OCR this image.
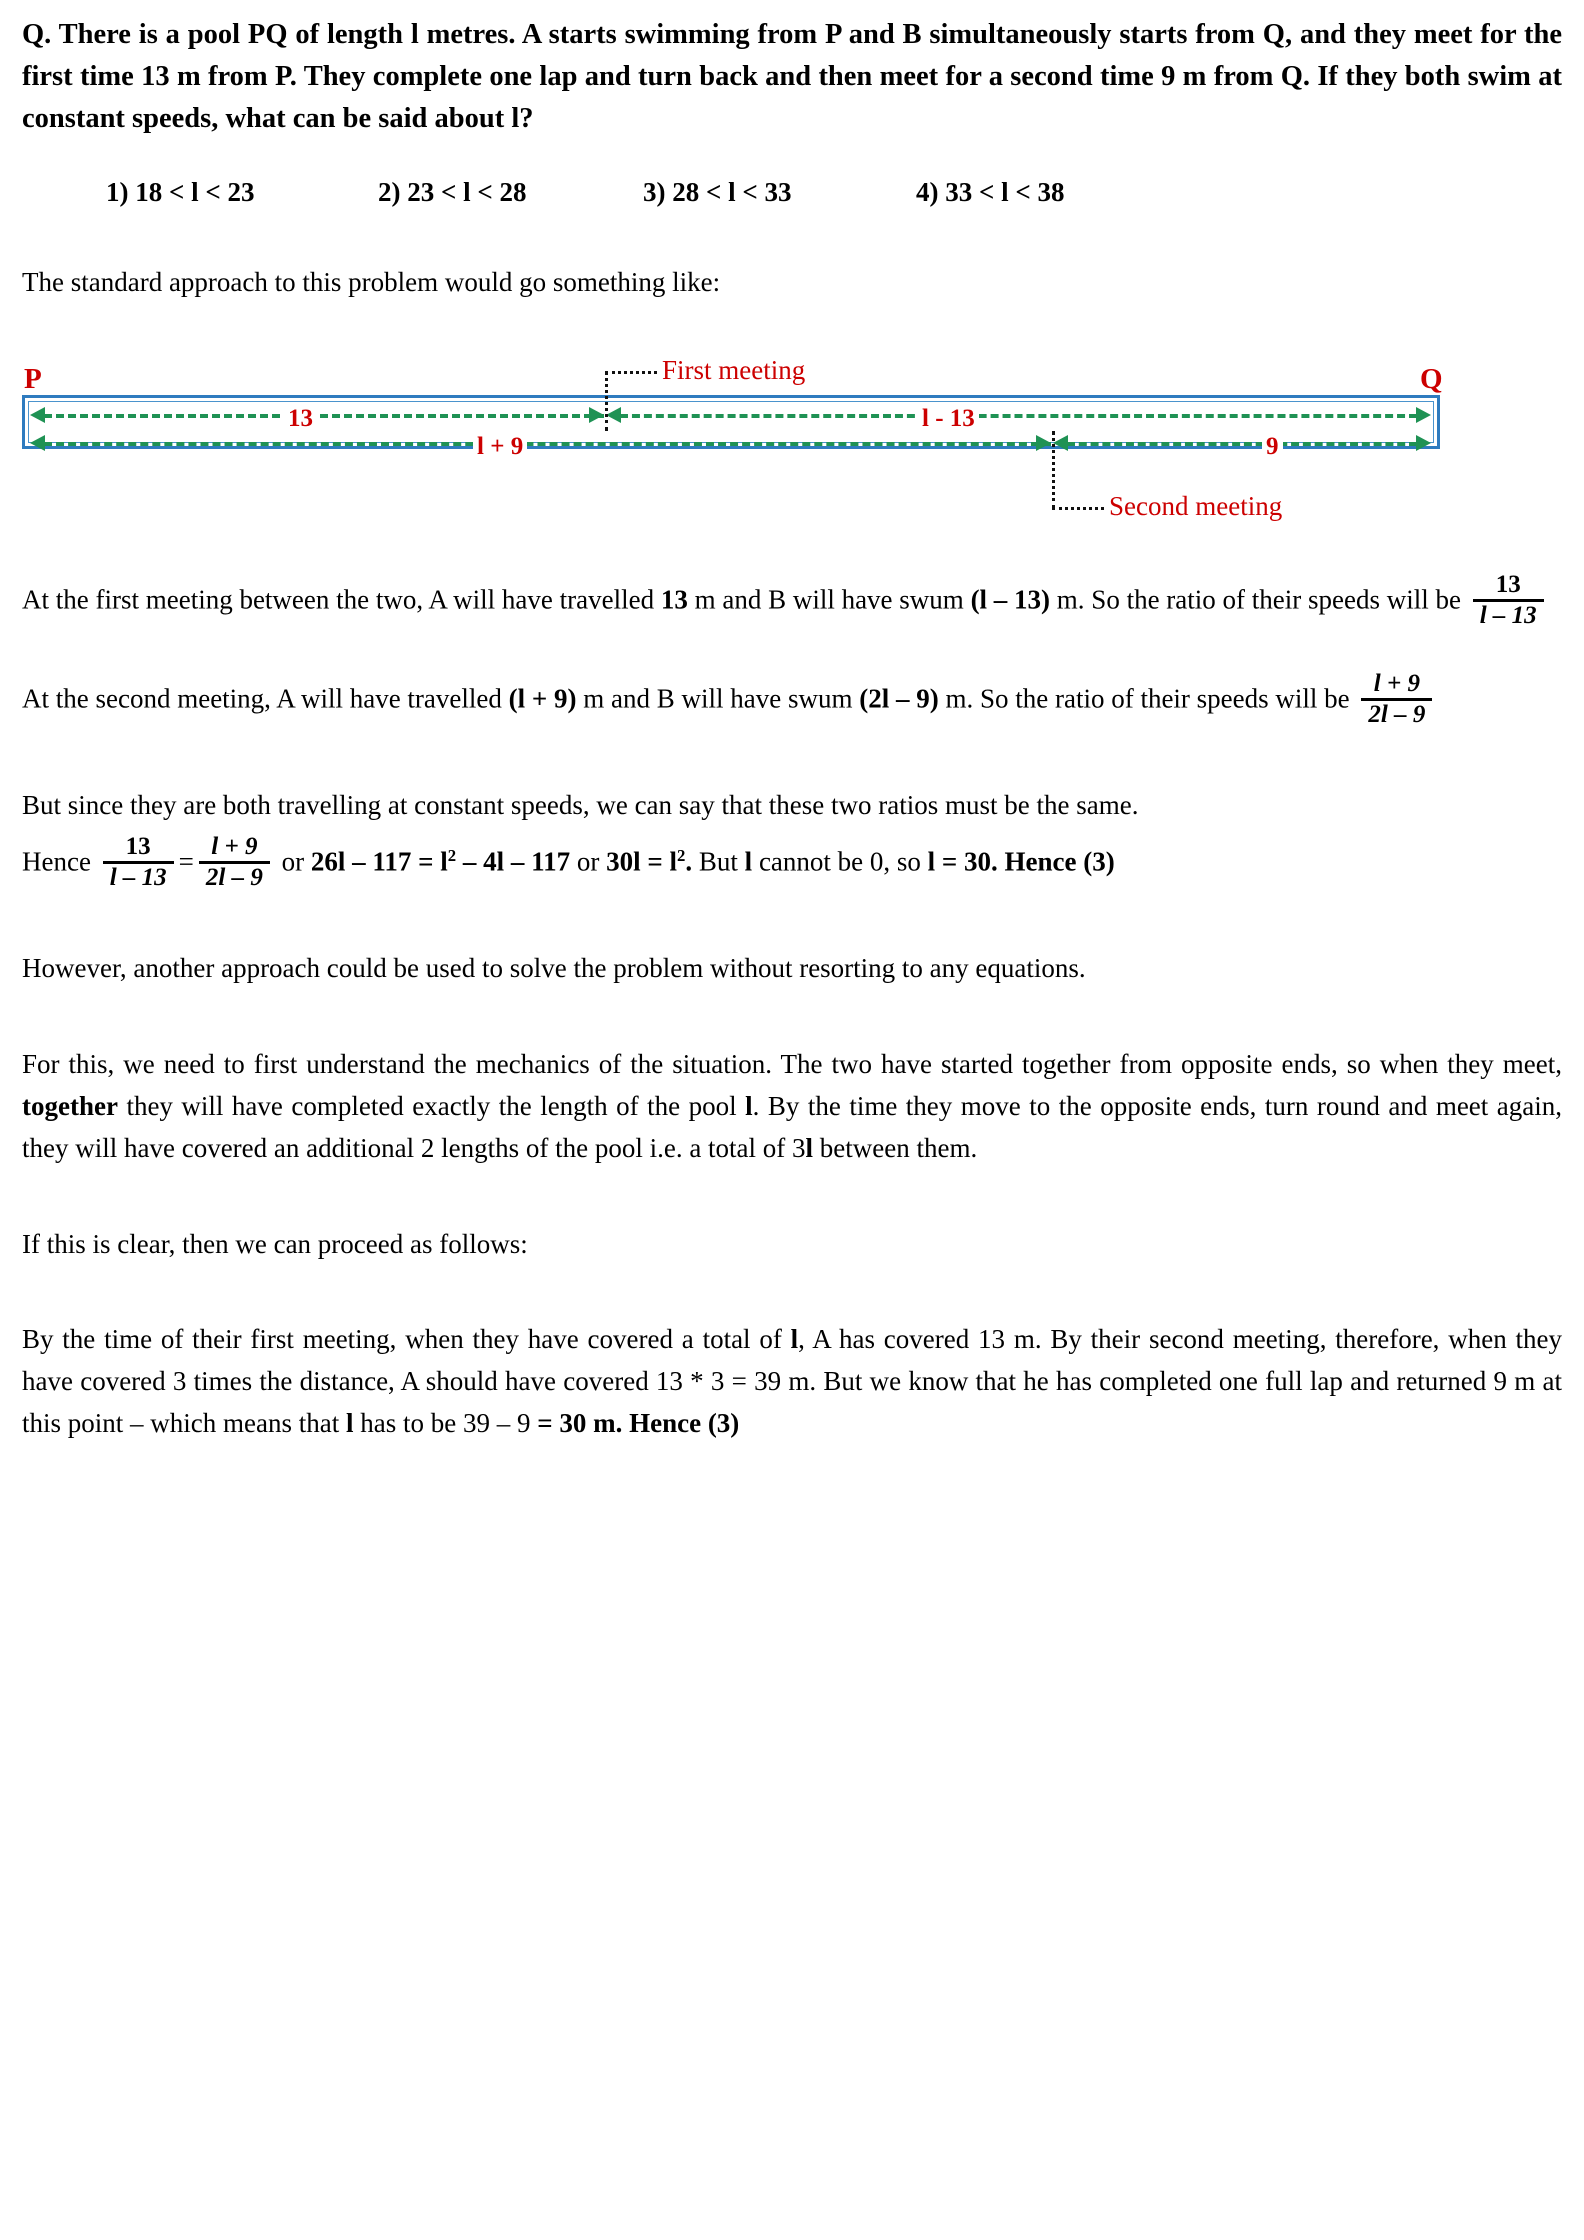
Q. There is a pool PQ of length l metres. A starts swimming from P and B simultaneously starts from Q, and they meet for the first time 13 m from P. They complete one lap and turn back and then meet for a second time 9 m from Q. If they both swim at constant speeds, what can be said about l?

1) 18 < l < 23	2) 23 < l < 28	3) 28 < l < 33	4) 33 < l < 38

The standard approach to this problem would go something like:

P	Q
13	l - 13
l + 9	9
First meeting
Second meeting

At the first meeting between the two, A will have travelled 13 m and B will have swum (l – 13) m. So the ratio of their speeds will be $\frac{13}{l - 13}$

At the second meeting, A will have travelled (l + 9) m and B will have swum (2l – 9) m. So the ratio of their speeds will be $\frac{l + 9}{2l - 9}$

But since they are both travelling at constant speeds, we can say that these two ratios must be the same.

Hence $\frac{13}{l - 13} = \frac{l + 9}{2l - 9}$ or $26l - 117 = l^2 - 4l - 117$ or $30l = l^2$. But l cannot be 0, so l = 30. Hence (3)

However, another approach could be used to solve the problem without resorting to any equations.

For this, we need to first understand the mechanics of the situation. The two have started together from opposite ends, so when they meet, together they will have completed exactly the length of the pool l. By the time they move to the opposite ends, turn round and meet again, they will have covered an additional 2 lengths of the pool i.e. a total of 3l between them.

If this is clear, then we can proceed as follows:

By the time of their first meeting, when they have covered a total of l, A has covered 13 m. By their second meeting, therefore, when they have covered 3 times the distance, A should have covered 13 * 3 = 39 m. But we know that he has completed one full lap and returned 9 m at this point – which means that l has to be 39 – 9 = 30 m. Hence (3)
